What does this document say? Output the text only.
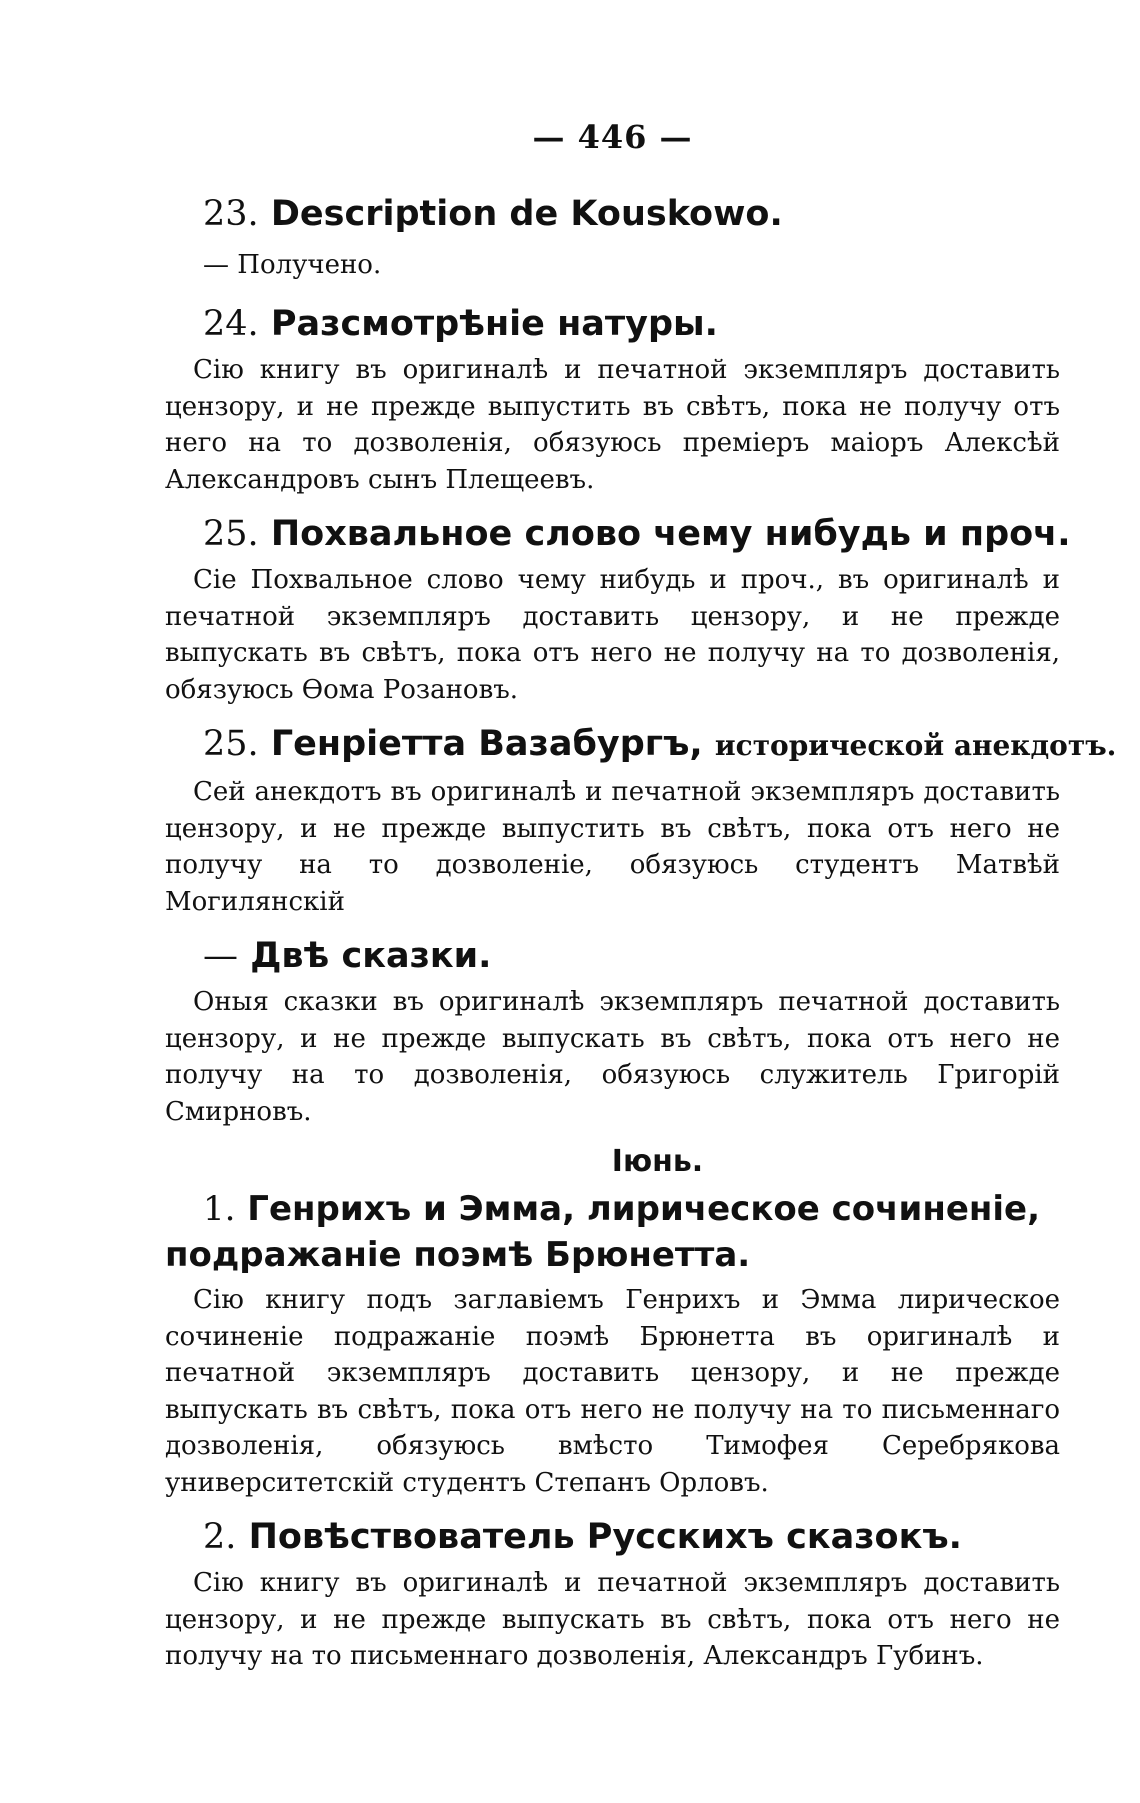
— 446 —

23. Description de Kouskowo.

— Получено.

24. Разсмотрѣніе натуры.

Сію книгу въ оригиналѣ и печатной экземпляръ доставить цензору, и не прежде выпустить въ свѣтъ, пока не получу отъ него на то дозволенія, обязуюсь преміеръ маіоръ Алексѣй Александровъ сынъ Плещеевъ.

25. Похвальное слово чему нибудь и проч.

Сіе Похвальное слово чему нибудь и проч., въ оригиналѣ и печатной экземпляръ доставить цензору, и не прежде выпускать въ свѣтъ, пока отъ него не получу на то дозволенія, обязуюсь Ѳома Розановъ.

25. Генріетта Вазабургъ, исторической анекдотъ.

Сей анекдотъ въ оригиналѣ и печатной экземпляръ доставить цензору, и не прежде выпустить въ свѣтъ, пока отъ него не получу на то дозволеніе, обязуюсь студентъ Матвѣй Могилянскій

— Двѣ сказки.

Оныя сказки въ оригиналѣ экземпляръ печатной доставить цензору, и не прежде выпускать въ свѣтъ, пока отъ него не получу на то дозволенія, обязуюсь служитель Григорій Смирновъ.

Іюнь.

1. Генрихъ и Эмма, лирическое сочиненіе, подражаніе поэмѣ Брюнетта.

Сію книгу подъ заглавіемъ Генрихъ и Эмма лирическое сочиненіе подражаніе поэмѣ Брюнетта въ оригиналѣ и печатной экземпляръ доставить цензору, и не прежде выпускать въ свѣтъ, пока отъ него не получу на то письменнаго дозволенія, обязуюсь вмѣсто Тимофея Серебрякова университетскій студентъ Степанъ Орловъ.

2. Повѣствователь Русскихъ сказокъ.

Сію книгу въ оригиналѣ и печатной экземпляръ доставить цензору, и не прежде выпускать въ свѣтъ, пока отъ него не получу на то письменнаго дозволенія, Александръ Губинъ.
